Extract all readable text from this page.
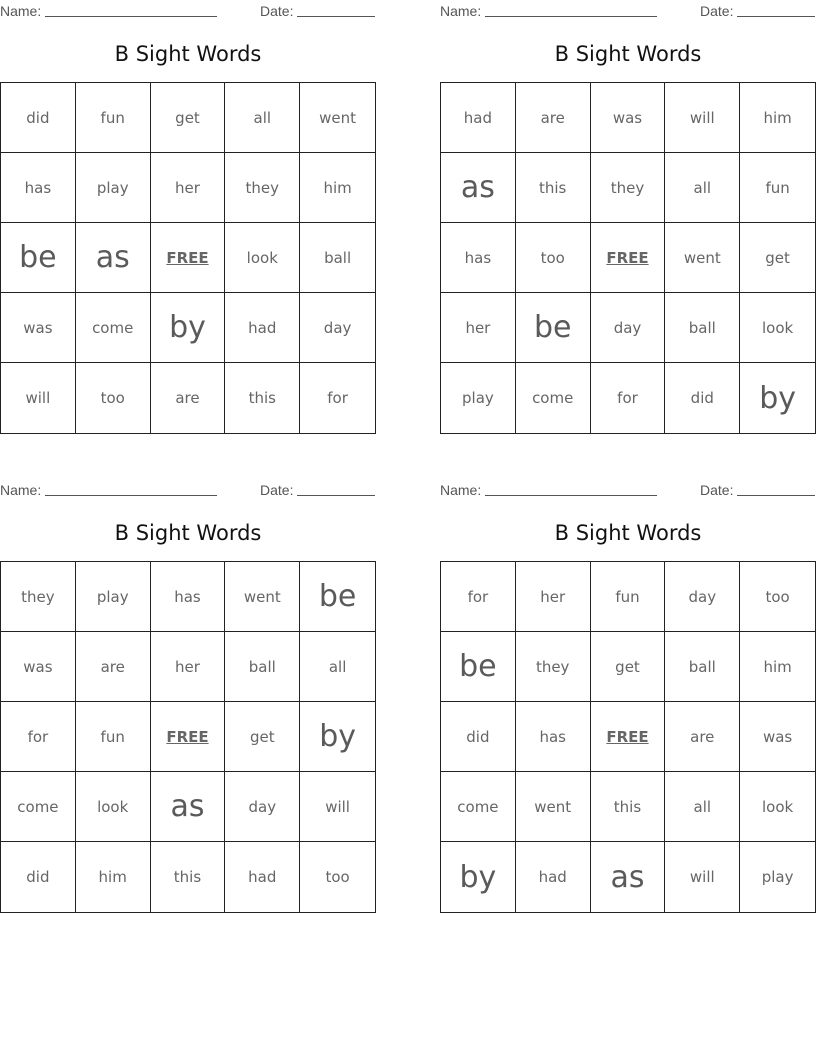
Name:	Date:
B Sight Words
did	fun	get	all	went
has	play	her	they	him
be	as	FREE	look	ball
was	come	by	had	day
will	too	are	this	for
Name:	Date:
B Sight Words
had	are	was	will	him
as	this	they	all	fun
has	too	FREE	went	get
her	be	day	ball	look
play	come	for	did	by
Name:	Date:
B Sight Words
they	play	has	went	be
was	are	her	ball	all
for	fun	FREE	get	by
come	look	as	day	will
did	him	this	had	too
Name:	Date:
B Sight Words
for	her	fun	day	too
be	they	get	ball	him
did	has	FREE	are	was
come	went	this	all	look
by	had	as	will	play
